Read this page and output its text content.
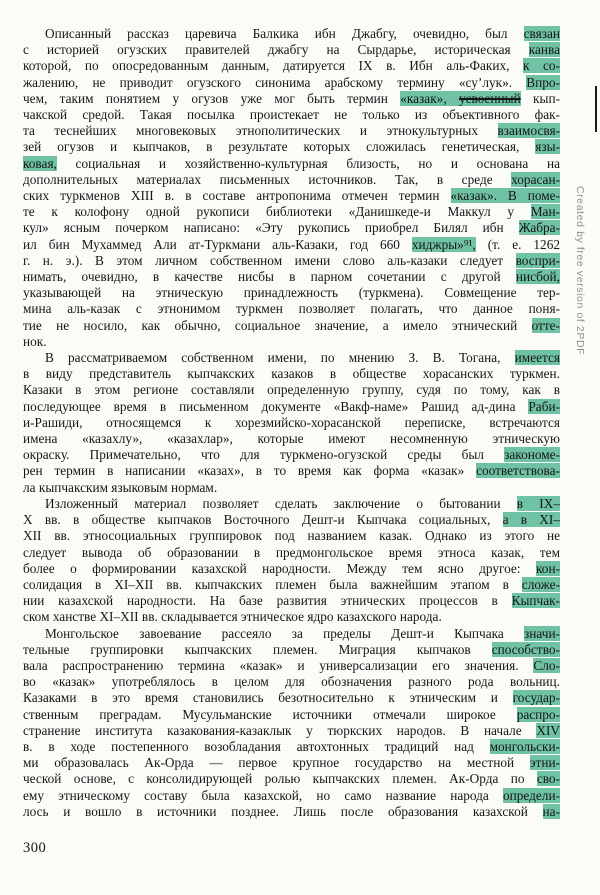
Описанный рассказ царевича Балкика ибн Джабгу, очевидно, был связан
с историей огузских правителей джабгу на Сырдарье, историческая канва
которой, по опосредованным данным, датируется IX в. Ибн аль-Факих, к со-
жалению, не приводит огузского синонима арабскому термину «су’лук». Впро-
чем, таким понятием у огузов уже мог быть термин «казак», усвоенный кып-
чакской средой. Такая посылка проистекает не только из объективного фак-
та теснейших многовековых этнополитических и этнокультурных взаимосвя-
зей огузов и кыпчаков, в результате которых сложилась генетическая, язы-
ковая, социальная и хозяйственно-культурная близость, но и основана на
дополнительных материалах письменных источников. Так, в среде хорасан-
ских туркменов XIII в. в составе антропонима отмечен термин «казак». В поме-
те к колофону одной рукописи библиотеки «Данишкеде-и Маккул у Ман-
кул» ясным почерком написано: «Эту рукопись приобрел Билял ибн Жабра-
ил бин Мухаммед Али ат-Туркмани аль-Казаки, год 660 хиджры»⁹¹, (т. е. 1262
г. н. э.). В этом личном собственном имени слово аль-казаки следует воспри-
нимать, очевидно, в качестве нисбы в парном сочетании с другой нисбой,
указывающей на этническую принадлежность (туркмена). Совмещение тер-
мина аль-казак с этнонимом туркмен позволяет полагать, что данное поня-
тие не носило, как обычно, социальное значение, а имело этнический отте-
нок.
В рассматриваемом собственном имени, по мнению З. В. Тогана, имеется
в виду представитель кыпчакских казаков в обществе хорасанских туркмен.
Казаки в этом регионе составляли определенную группу, судя по тому, как в
последующее время в письменном документе «Вакф-наме» Рашид ад-дина Раби-
и-Рашиди, относящемся к хорезмийско-хорасанской переписке, встречаются
имена «казахлу», «казахлар», которые имеют несомненную этническую
окраску. Примечательно, что для туркмено-огузской среды был закономе-
рен термин в написании «казах», в то время как форма «казак» соответствова-
ла кыпчакским языковым нормам.
Изложенный материал позволяет сделать заключение о бытовании в IX–
X вв. в обществе кыпчаков Восточного Дешт-и Кыпчака социальных, а в XI–
XII вв. этносоциальных группировок под названием казак. Однако из этого не
следует вывода об образовании в предмонгольское время этноса казак, тем
более о формировании казахской народности. Между тем ясно другое: кон-
солидация в XI–XII вв. кыпчакских племен была важнейшим этапом в сложе-
нии казахской народности. На базе развития этнических процессов в Кыпчак-
ском ханстве XI–XII вв. складывается этническое ядро казахского народа.
Монгольское завоевание рассеяло за пределы Дешт-и Кыпчака значи-
тельные группировки кыпчакских племен. Миграция кыпчаков способство-
вала распространению термина «казак» и универсализации его значения. Сло-
во «казак» употреблялось в целом для обозначения разного рода вольниц.
Казаками в это время становились безотносительно к этническим и государ-
ственным преградам. Мусульманские источники отмечали широкое распро-
странение института казакования-казаклык у тюркских народов. В начале XIV
в. в ходе постепенного возобладания автохтонных традиций над монгольски-
ми образовалась Ак-Орда — первое крупное государство на местной этни-
ческой основе, с консолидирующей ролью кыпчакских племен. Ак-Орда по сво-
ему этническому составу была казахской, но само название народа определи-
лось и вошло в источники позднее. Лишь после образования казахской на-
Created by free version of 2PDF
300
